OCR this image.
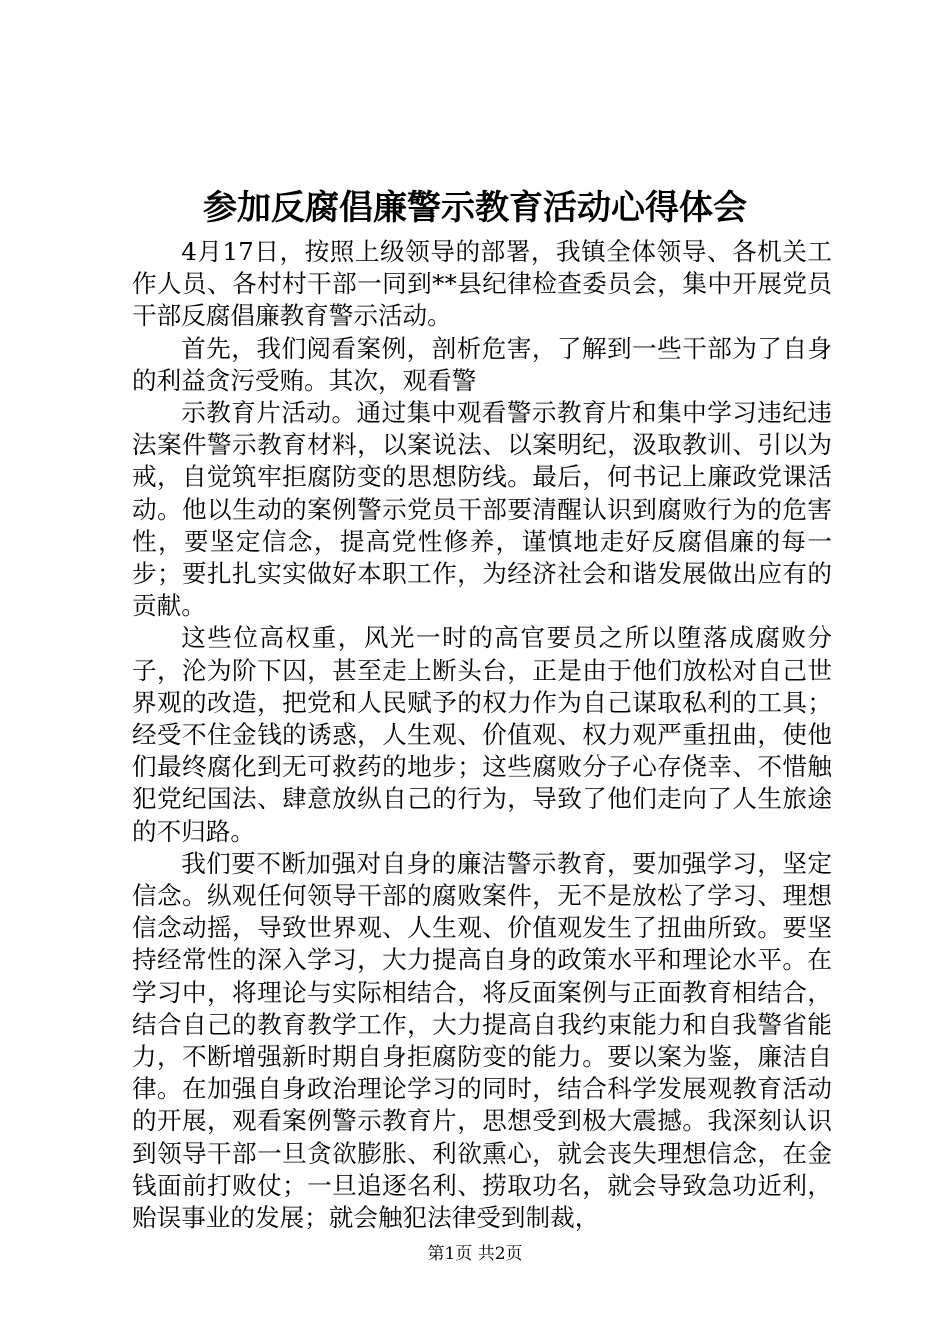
参加反腐倡廉警示教育活动心得体会

4月17日，按照上级领导的部署，我镇全体领导、各机关工作人员、各村村干部一同到**县纪律检查委员会，集中开展党员干部反腐倡廉教育警示活动。

首先，我们阅看案例，剖析危害，了解到一些干部为了自身的利益贪污受贿。其次，观看警

示教育片活动。通过集中观看警示教育片和集中学习违纪违法案件警示教育材料，以案说法、以案明纪，汲取教训、引以为戒，自觉筑牢拒腐防变的思想防线。最后，何书记上廉政党课活动。他以生动的案例警示党员干部要清醒认识到腐败行为的危害性，要坚定信念，提高党性修养，谨慎地走好反腐倡廉的每一步；要扎扎实实做好本职工作，为经济社会和谐发展做出应有的贡献。

这些位高权重，风光一时的高官要员之所以堕落成腐败分子，沦为阶下囚，甚至走上断头台，正是由于他们放松对自己世界观的改造，把党和人民赋予的权力作为自己谋取私利的工具；经受不住金钱的诱惑，人生观、价值观、权力观严重扭曲，使他们最终腐化到无可救药的地步；这些腐败分子心存侥幸、不惜触犯党纪国法、肆意放纵自己的行为，导致了他们走向了人生旅途的不归路。

我们要不断加强对自身的廉洁警示教育，要加强学习，坚定信念。纵观任何领导干部的腐败案件，无不是放松了学习、理想信念动摇，导致世界观、人生观、价值观发生了扭曲所致。要坚持经常性的深入学习，大力提高自身的政策水平和理论水平。在学习中，将理论与实际相结合，将反面案例与正面教育相结合，结合自己的教育教学工作，大力提高自我约束能力和自我警省能力，不断增强新时期自身拒腐防变的能力。要以案为鉴，廉洁自律。在加强自身政治理论学习的同时，结合科学发展观教育活动的开展，观看案例警示教育片，思想受到极大震撼。我深刻认识到领导干部一旦贪欲膨胀、利欲熏心，就会丧失理想信念，在金钱面前打败仗；一旦追逐名利、捞取功名，就会导致急功近利，贻误事业的发展；就会触犯法律受到制裁，

第1页 共2页
